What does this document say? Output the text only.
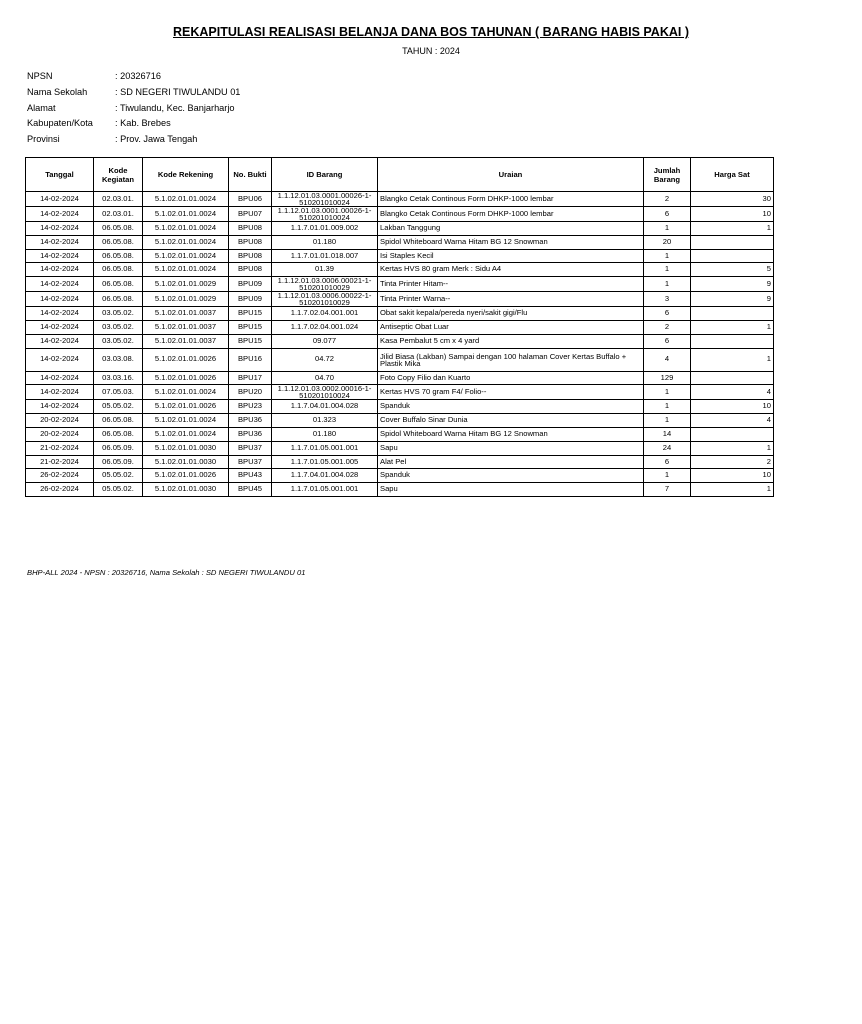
REKAPITULASI REALISASI BELANJA DANA BOS TAHUNAN ( BARANG HABIS PAKAI )
TAHUN : 2024
NPSN	: 20326716
Nama Sekolah	: SD NEGERI TIWULANDU 01
Alamat	: Tiwulandu, Kec. Banjarharjo
Kabupaten/Kota : Kab. Brebes
Provinsi	: Prov. Jawa Tengah
Tanggal	Kode Kegiatan	Kode Rekening	No. Bukti	ID Barang	Uraian	Jumlah Barang	Harga Sat
14-02-2024	02.03.01.	5.1.02.01.01.0024	BPU06	1.1.12.01.03.0001.00026-1-510201010024	Blangko Cetak Continous Form DHKP-1000 lembar	2	30
14-02-2024	02.03.01.	5.1.02.01.01.0024	BPU07	1.1.12.01.03.0001.00026-1-510201010024	Blangko Cetak Continous Form DHKP-1000 lembar	6	10
14-02-2024	06.05.08.	5.1.02.01.01.0024	BPU08	1.1.7.01.01.009.002	Lakban Tanggung	1	1
14-02-2024	06.05.08.	5.1.02.01.01.0024	BPU08	01.180	Spidol Whiteboard Warna Hitam BG 12 Snowman	20	
14-02-2024	06.05.08.	5.1.02.01.01.0024	BPU08	1.1.7.01.01.018.007	Isi Staples Kecil	1	
14-02-2024	06.05.08.	5.1.02.01.01.0024	BPU08	01.39	Kertas HVS 80 gram Merk : Sidu A4	1	5
14-02-2024	06.05.08.	5.1.02.01.01.0029	BPU09	1.1.12.01.03.0006.00021-1-510201010029	Tinta Printer Hitam--	1	9
14-02-2024	06.05.08.	5.1.02.01.01.0029	BPU09	1.1.12.01.03.0006.00022-1-510201010029	Tinta Printer Warna--	3	9
14-02-2024	03.05.02.	5.1.02.01.01.0037	BPU15	1.1.7.02.04.001.001	Obat sakit kepala/pereda nyeri/sakit gigi/Flu	6	
14-02-2024	03.05.02.	5.1.02.01.01.0037	BPU15	1.1.7.02.04.001.024	Antiseptic Obat Luar	2	1
14-02-2024	03.05.02.	5.1.02.01.01.0037	BPU15	09.077	Kasa Pembalut 5 cm x 4 yard	6	
14-02-2024	03.03.08.	5.1.02.01.01.0026	BPU16	04.72	Jilid Biasa (Lakban) Sampai dengan 100 halaman Cover Kertas Buffalo + Plastik Mika	4	1
14-02-2024	03.03.16.	5.1.02.01.01.0026	BPU17	04.70	Foto Copy Filio dan Kuarto	129	
14-02-2024	07.05.03.	5.1.02.01.01.0024	BPU20	1.1.12.01.03.0002.00016-1-510201010024	Kertas HVS 70 gram F4/ Folio--	1	4
14-02-2024	05.05.02.	5.1.02.01.01.0026	BPU23	1.1.7.04.01.004.028	Spanduk	1	10
20-02-2024	06.05.08.	5.1.02.01.01.0024	BPU36	01.323	Cover Buffalo Sinar Dunia	1	4
20-02-2024	06.05.08.	5.1.02.01.01.0024	BPU36	01.180	Spidol Whiteboard Warna Hitam BG 12 Snowman	14	
21-02-2024	06.05.09.	5.1.02.01.01.0030	BPU37	1.1.7.01.05.001.001	Sapu	24	1
21-02-2024	06.05.09.	5.1.02.01.01.0030	BPU37	1.1.7.01.05.001.005	Alat Pel	6	2
26-02-2024	05.05.02.	5.1.02.01.01.0026	BPU43	1.1.7.04.01.004.028	Spanduk	1	10
26-02-2024	05.05.02.	5.1.02.01.01.0030	BPU45	1.1.7.01.05.001.001	Sapu	7	1
BHP-ALL 2024 - NPSN : 20326716, Nama Sekolah : SD NEGERI TIWULANDU 01
